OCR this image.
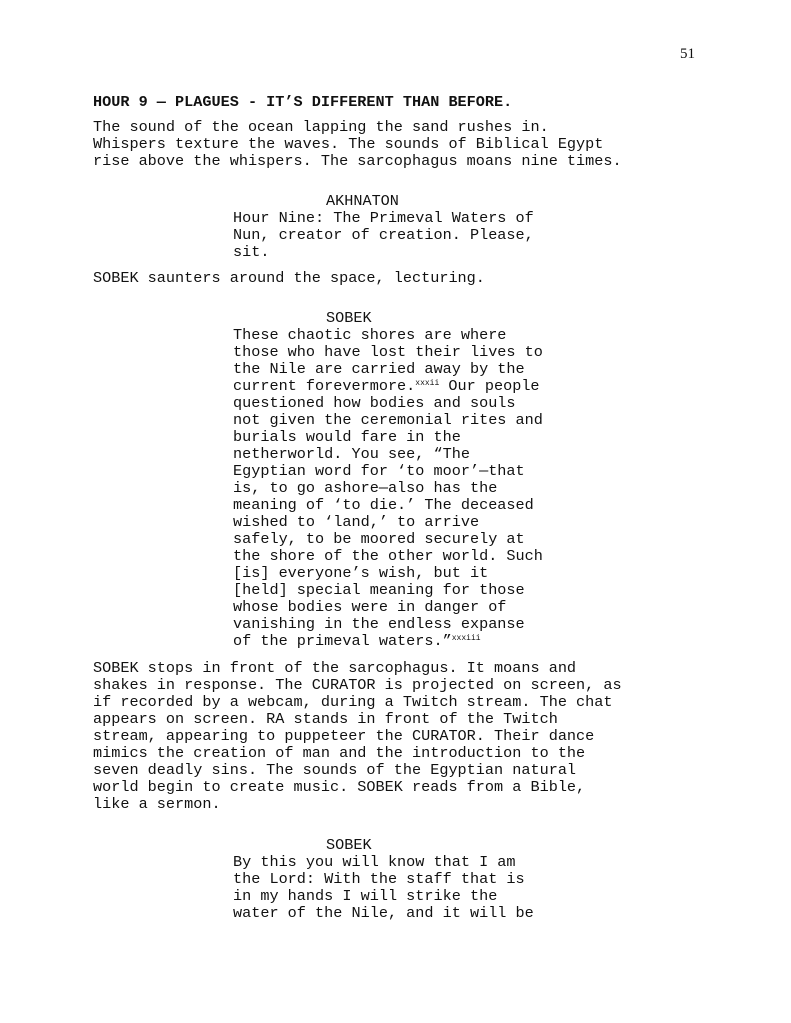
51
HOUR 9 — PLAGUES - IT’S DIFFERENT THAN BEFORE.
The sound of the ocean lapping the sand rushes in.
Whispers texture the waves. The sounds of Biblical Egypt
rise above the whispers. The sarcophagus moans nine times.
AKHNATON
Hour Nine: The Primeval Waters of
Nun, creator of creation. Please,
sit.
SOBEK saunters around the space, lecturing.
SOBEK
These chaotic shores are where
those who have lost their lives to
the Nile are carried away by the
current forevermore.$^{xxxii}$ Our people
questioned how bodies and souls
not given the ceremonial rites and
burials would fare in the
netherworld. You see, “The
Egyptian word for ‘to moor’—that
is, to go ashore—also has the
meaning of ‘to die.’ The deceased
wished to ‘land,’ to arrive
safely, to be moored securely at
the shore of the other world. Such
[is] everyone’s wish, but it
[held] special meaning for those
whose bodies were in danger of
vanishing in the endless expanse
of the primeval waters.”$^{xxxiii}$
SOBEK stops in front of the sarcophagus. It moans and
shakes in response. The CURATOR is projected on screen, as
if recorded by a webcam, during a Twitch stream. The chat
appears on screen. RA stands in front of the Twitch
stream, appearing to puppeteer the CURATOR. Their dance
mimics the creation of man and the introduction to the
seven deadly sins. The sounds of the Egyptian natural
world begin to create music. SOBEK reads from a Bible,
like a sermon.
SOBEK
By this you will know that I am
the Lord: With the staff that is
in my hands I will strike the
water of the Nile, and it will be
